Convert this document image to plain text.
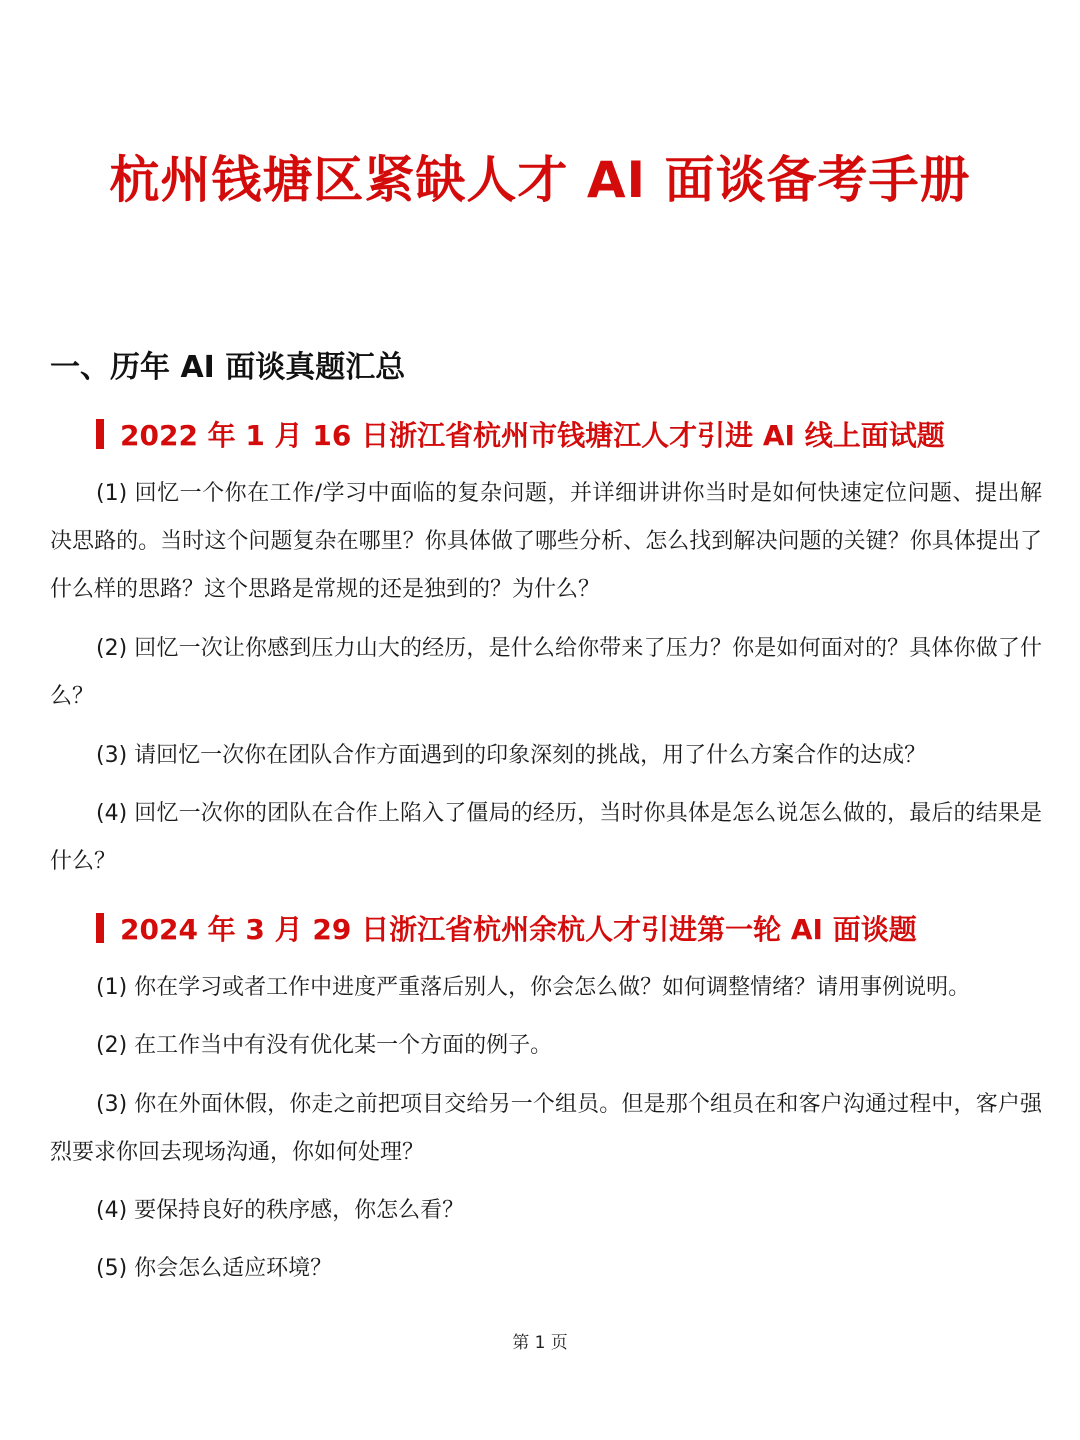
杭州钱塘区紧缺人才 AI 面谈备考手册
一、历年 AI 面谈真题汇总
2022 年 1 月 16 日浙江省杭州市钱塘江人才引进 AI 线上面试题

(1) 回忆一个你在工作/学习中面临的复杂问题，并详细讲讲你当时是如何快速定位问题、提出解决思路的。当时这个问题复杂在哪里？你具体做了哪些分析、怎么找到解决问题的关键？你具体提出了什么样的思路？这个思路是常规的还是独到的？为什么？

(2) 回忆一次让你感到压力山大的经历，是什么给你带来了压力？你是如何面对的？具体你做了什么？

(3) 请回忆一次你在团队合作方面遇到的印象深刻的挑战，用了什么方案合作的达成？

(4) 回忆一次你的团队在合作上陷入了僵局的经历，当时你具体是怎么说怎么做的，最后的结果是什么？

2024 年 3 月 29 日浙江省杭州余杭人才引进第一轮 AI 面谈题

(1) 你在学习或者工作中进度严重落后别人，你会怎么做？如何调整情绪？请用事例说明。

(2) 在工作当中有没有优化某一个方面的例子。

(3) 你在外面休假，你走之前把项目交给另一个组员。但是那个组员在和客户沟通过程中，客户强烈要求你回去现场沟通，你如何处理？

(4) 要保持良好的秩序感，你怎么看？

(5) 你会怎么适应环境？

第 1 页
